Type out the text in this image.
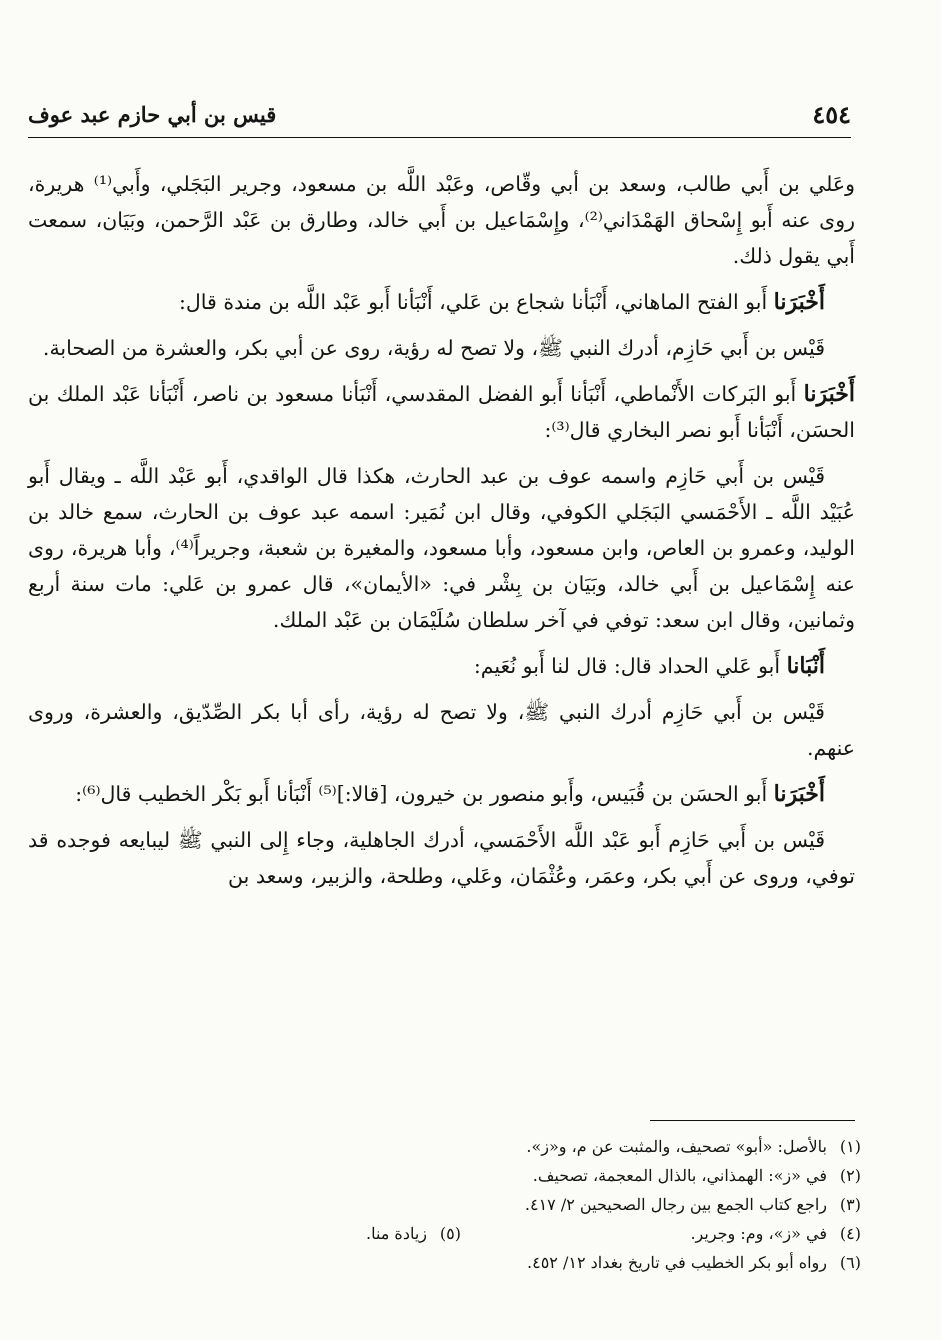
٤٥٤
قيس بن أبي حازم عبد عوف

وعَلي بن أَبي طالب، وسعد بن أبي وقّاص، وعَبْد اللَّه بن مسعود، وجرير البَجَلي، وأَبي⁽¹⁾ هريرة، روى عنه أَبو إِسْحاق الهَمْدَاني⁽²⁾، وإِسْمَاعيل بن أَبي خالد، وطارق بن عَبْد الرَّحمن، وبَيَان، سمعت أَبي يقول ذلك.

أَخْبَرَنا أَبو الفتح الماهاني، أَنْبَأنا شجاع بن عَلي، أَنْبَأنا أَبو عَبْد اللَّه بن مندة قال:

قَيْس بن أَبي حَازِم، أدرك النبي ﷺ، ولا تصح له رؤية، روى عن أبي بكر، والعشرة من الصحابة.

أَخْبَرَنا أَبو البَركات الأَنْماطي، أَنْبَأنا أَبو الفضل المقدسي، أَنْبَأنا مسعود بن ناصر، أَنْبَأنا عَبْد الملك بن الحسَن، أَنْبَأنا أَبو نصر البخاري قال⁽³⁾:

قَيْس بن أَبي حَازِم واسمه عوف بن عبد الحارث، هكذا قال الواقدي، أَبو عَبْد اللَّه ـ ويقال أَبو عُبَيْد اللَّه ـ الأَحْمَسي البَجَلي الكوفي، وقال ابن نُمَير: اسمه عبد عوف بن الحارث، سمع خالد بن الوليد، وعمرو بن العاص، وابن مسعود، وأبا مسعود، والمغيرة بن شعبة، وجريراً⁽⁴⁾، وأبا هريرة، روى عنه إِسْمَاعيل بن أَبي خالد، وبَيَان بن بِشْر في: «الأيمان»، قال عمرو بن عَلي: مات سنة أربع وثمانين، وقال ابن سعد: توفي في آخر سلطان سُلَيْمَان بن عَبْد الملك.

أَنْبَانا أَبو عَلي الحداد قال: قال لنا أَبو نُعَيم:

قَيْس بن أَبي حَازِم أدرك النبي ﷺ، ولا تصح له رؤية، رأى أبا بكر الصِّدّيق، والعشرة، وروى عنهم.

أَخْبَرَنا أَبو الحسَن بن قُبَيس، وأَبو منصور بن خيرون، [قالا:]⁽⁵⁾ أَنْبَأنا أَبو بَكْر الخطيب قال⁽⁶⁾:

قَيْس بن أَبي حَازِم أَبو عَبْد اللَّه الأَحْمَسي، أدرك الجاهلية، وجاء إِلى النبي ﷺ ليبايعه فوجده قد توفي، وروى عن أَبي بكر، وعمَر، وعُثْمَان، وعَلي، وطلحة، والزبير، وسعد بن

(١)بالأصل: «أبو» تصحيف، والمثبت عن م، و«ز».
(٢)في «ز»: الهمذاني، بالذال المعجمة، تصحيف.
(٣)راجع كتاب الجمع بين رجال الصحيحين ٢/ ٤١٧.
(٤)في «ز»، وم: وجرير.
(٥)زيادة منا.
(٦)رواه أبو بكر الخطيب في تاريخ بغداد ١٢/ ٤٥٢.
